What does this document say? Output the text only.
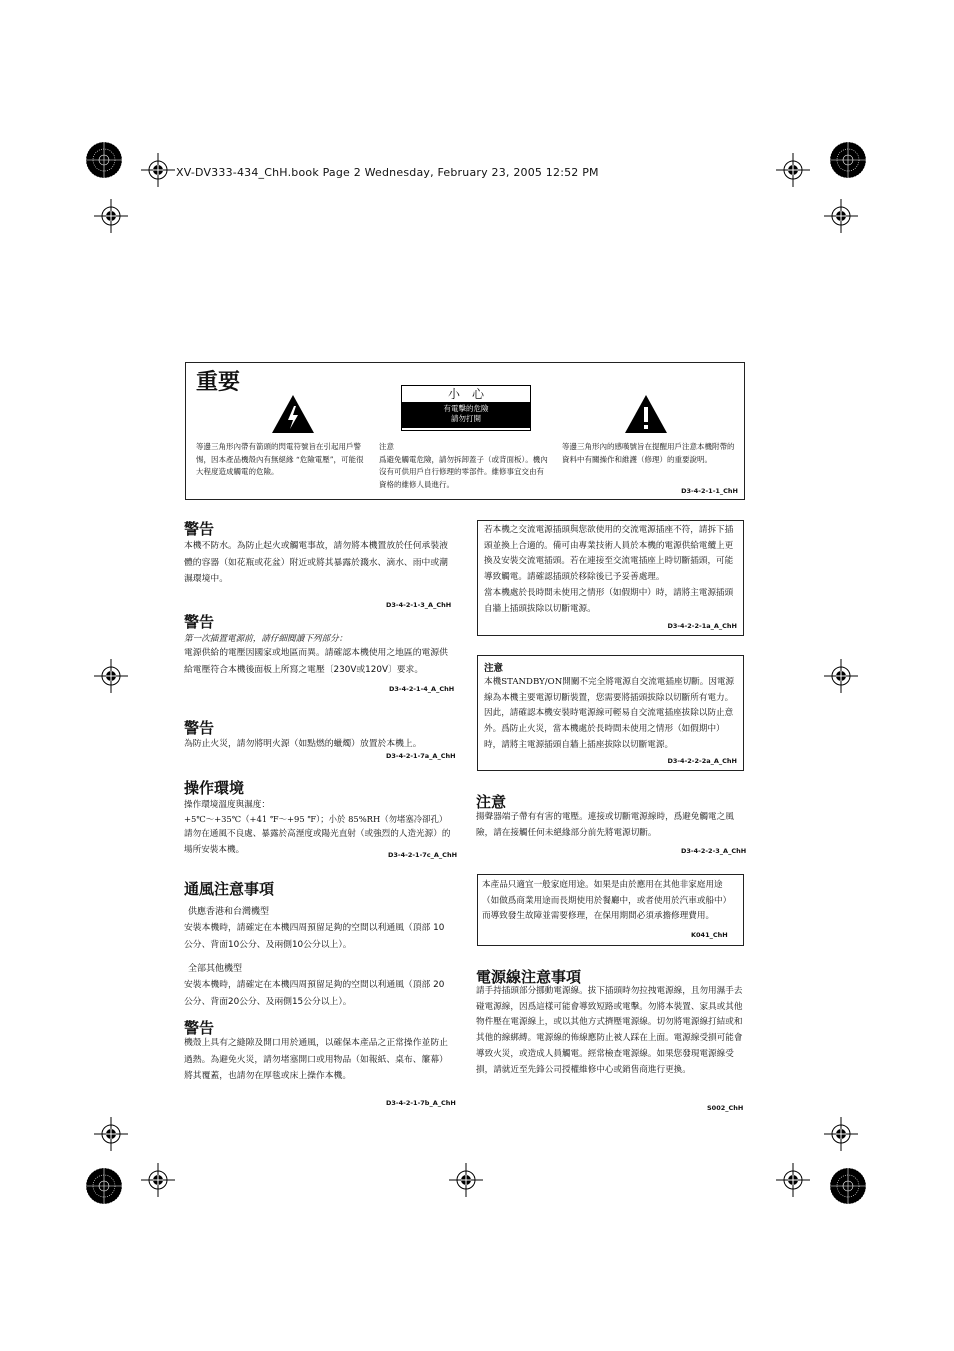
XV-DV333-434_ChH.book Page 2 Wednesday, February 23, 2005 12:52 PM
重要	小　心
有電擊的危險
請勿打開
等邊三角形內帶有箭頭的閃電符號旨在引起用戶警惕，因本產品機殼內有無絕緣 “危險電壓”，可能很大程度造成觸電的危險。
注意
爲避免觸電危險，請勿拆卸蓋子（或背面板）。機內沒有可供用戶自行修理的零部件。維修事宜交由有資格的維修人員進行。
等邊三角形內的感嘆號旨在提醒用戶注意本機附帶的資料中有關操作和維護（修理）的重要說明。
D3-4-2-1-1_ChH
警告
本機不防水。為防止起火或觸電事故，請勿將本機置放於任何承裝液體的容器（如花瓶或花盆）附近或將其暴露於濺水、滴水、雨中或潮濕環境中。
D3-4-2-1-3_A_ChH
警告
第一次插置電源前，請仔細閱讀下列部分：
電源供給的電壓因國家或地區而異。請確認本機使用之地區的電源供給電壓符合本機後面板上所寫之電壓〔230V或120V〕要求。
D3-4-2-1-4_A_ChH
警告
為防止火災，請勿將明火源（如點燃的蠟燭）放置於本機上。
D3-4-2-1-7a_A_ChH
操作環境
操作環境溫度與濕度：
+5℃～+35℃（+41 ℉～+95 ℉）；小於 85%RH（勿堵塞冷卻孔）
請勿在通風不良處、暴露於高溼度或陽光直射（或強烈的人造光源）的場所安裝本機。
D3-4-2-1-7c_A_ChH
通風注意事項
供應香港和台灣機型
安裝本機時，請確定在本機四周預留足夠的空間以利通風（頂部 10公分、背面10公分、及兩側10公分以上）。
全部其他機型
安裝本機時，請確定在本機四周預留足夠的空間以利通風（頂部 20公分、背面20公分、及兩側15公分以上）。
警告
機殼上具有之縫隙及開口用於通風，以確保本產品之正常操作並防止過熱。為避免火災，請勿堵塞開口或用物品（如報紙、桌布、簾幕）將其覆蓋，也請勿在厚毯或床上操作本機。
D3-4-2-1-7b_A_ChH
若本機之交流電源插頭與您欲使用的交流電源插座不符，請拆下插頭並換上合適的。備可由專業技術人員於本機的電源供給電纜上更換及安裝交流電插頭。若在連接至交流電插座上時切斷插頭，可能導致觸電。請確認插頭於移除後已予妥善處理。
當本機處於長時間未使用之情形（如假期中）時，請將主電源插頭自牆上插頭拔除以切斷電源。
D3-4-2-2-1a_A_ChH
注意
本機STANDBY/ON開關不完全將電源自交流電插座切斷。因電源線為本機主要電源切斷裝置，您需要將插頭拔除以切斷所有電力。因此，請確認本機安裝時電源線可輕易自交流電插座拔除以防止意外。爲防止火災，當本機處於長時間未使用之情形（如假期中）時，請將主電源插頭自牆上插座拔除以切斷電源。
D3-4-2-2-2a_A_ChH
注意
揚聲器端子帶有有害的電壓。連接或切斷電源線時，爲避免觸電之風險，請在接觸任何未絕緣部分前先將電源切斷。
D3-4-2-2-3_A_ChH
本產品只適宜一般家庭用途。如果是由於應用在其他非家庭用途（如做爲商業用途而長期使用於餐廳中，或者使用於汽車或船中）而導致發生故障並需要修理，在保用期間必須承擔修理費用。
K041_ChH
電源線注意事項
請手持插頭部分挪動電源線。拔下插頭時勿拉拽電源線，且勿用濕手去碰電源線，因爲這樣可能會導致短路或電擊。勿將本裝置、家具或其他物件壓在電源線上，或以其他方式擠壓電源線。切勿將電源線打結或和其他的線綁縛。電源線的佈線應防止被人踩在上面。電源線受損可能會導致火災，或造成人員觸電。經常檢查電源線。如果您發現電源線受損，請就近至先鋒公司授權維修中心或銷售商進行更換。
S002_ChH
